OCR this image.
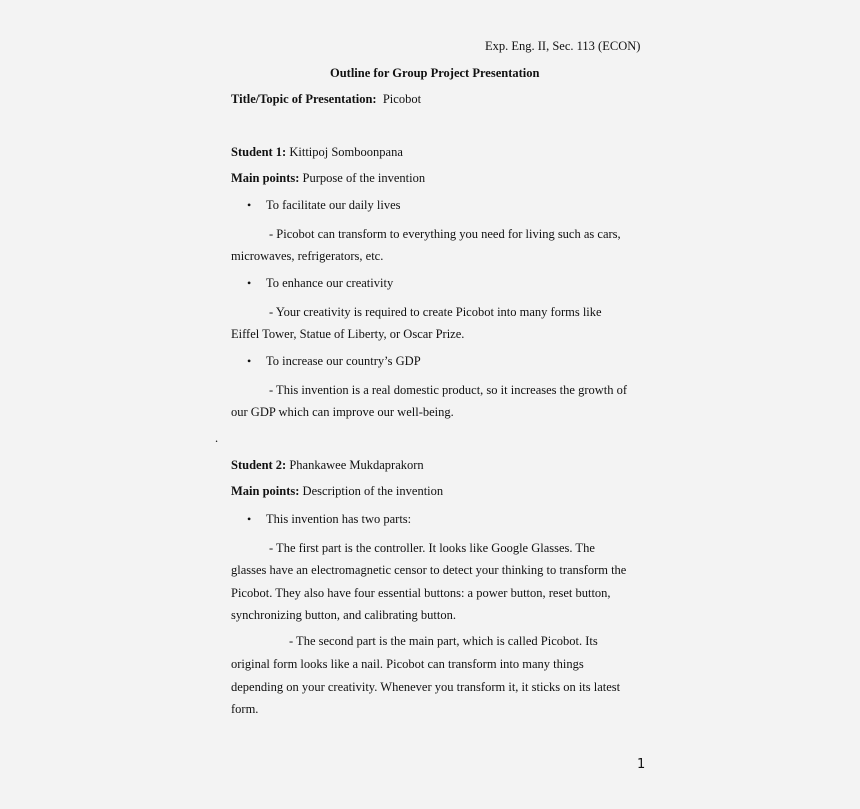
Exp. Eng. II, Sec. 113 (ECON)
Outline for Group Project Presentation
Title/Topic of Presentation: Picobot
Student 1: Kittipoj Somboonpana
Main points: Purpose of the invention
• To facilitate our daily lives
- Picobot can transform to everything you need for living such as cars,
microwaves, refrigerators, etc.
• To enhance our creativity
- Your creativity is required to create Picobot into many forms like
Eiffel Tower, Statue of Liberty, or Oscar Prize.
• To increase our country’s GDP
- This invention is a real domestic product, so it increases the growth of
our GDP which can improve our well-being.
.
Student 2: Phankawee Mukdaprakorn
Main points: Description of the invention
• This invention has two parts:
- The first part is the controller. It looks like Google Glasses. The
glasses have an electromagnetic censor to detect your thinking to transform the
Picobot. They also have four essential buttons: a power button, reset button,
synchronizing button, and calibrating button.
- The second part is the main part, which is called Picobot. Its
original form looks like a nail. Picobot can transform into many things
depending on your creativity. Whenever you transform it, it sticks on its latest
form.
1
